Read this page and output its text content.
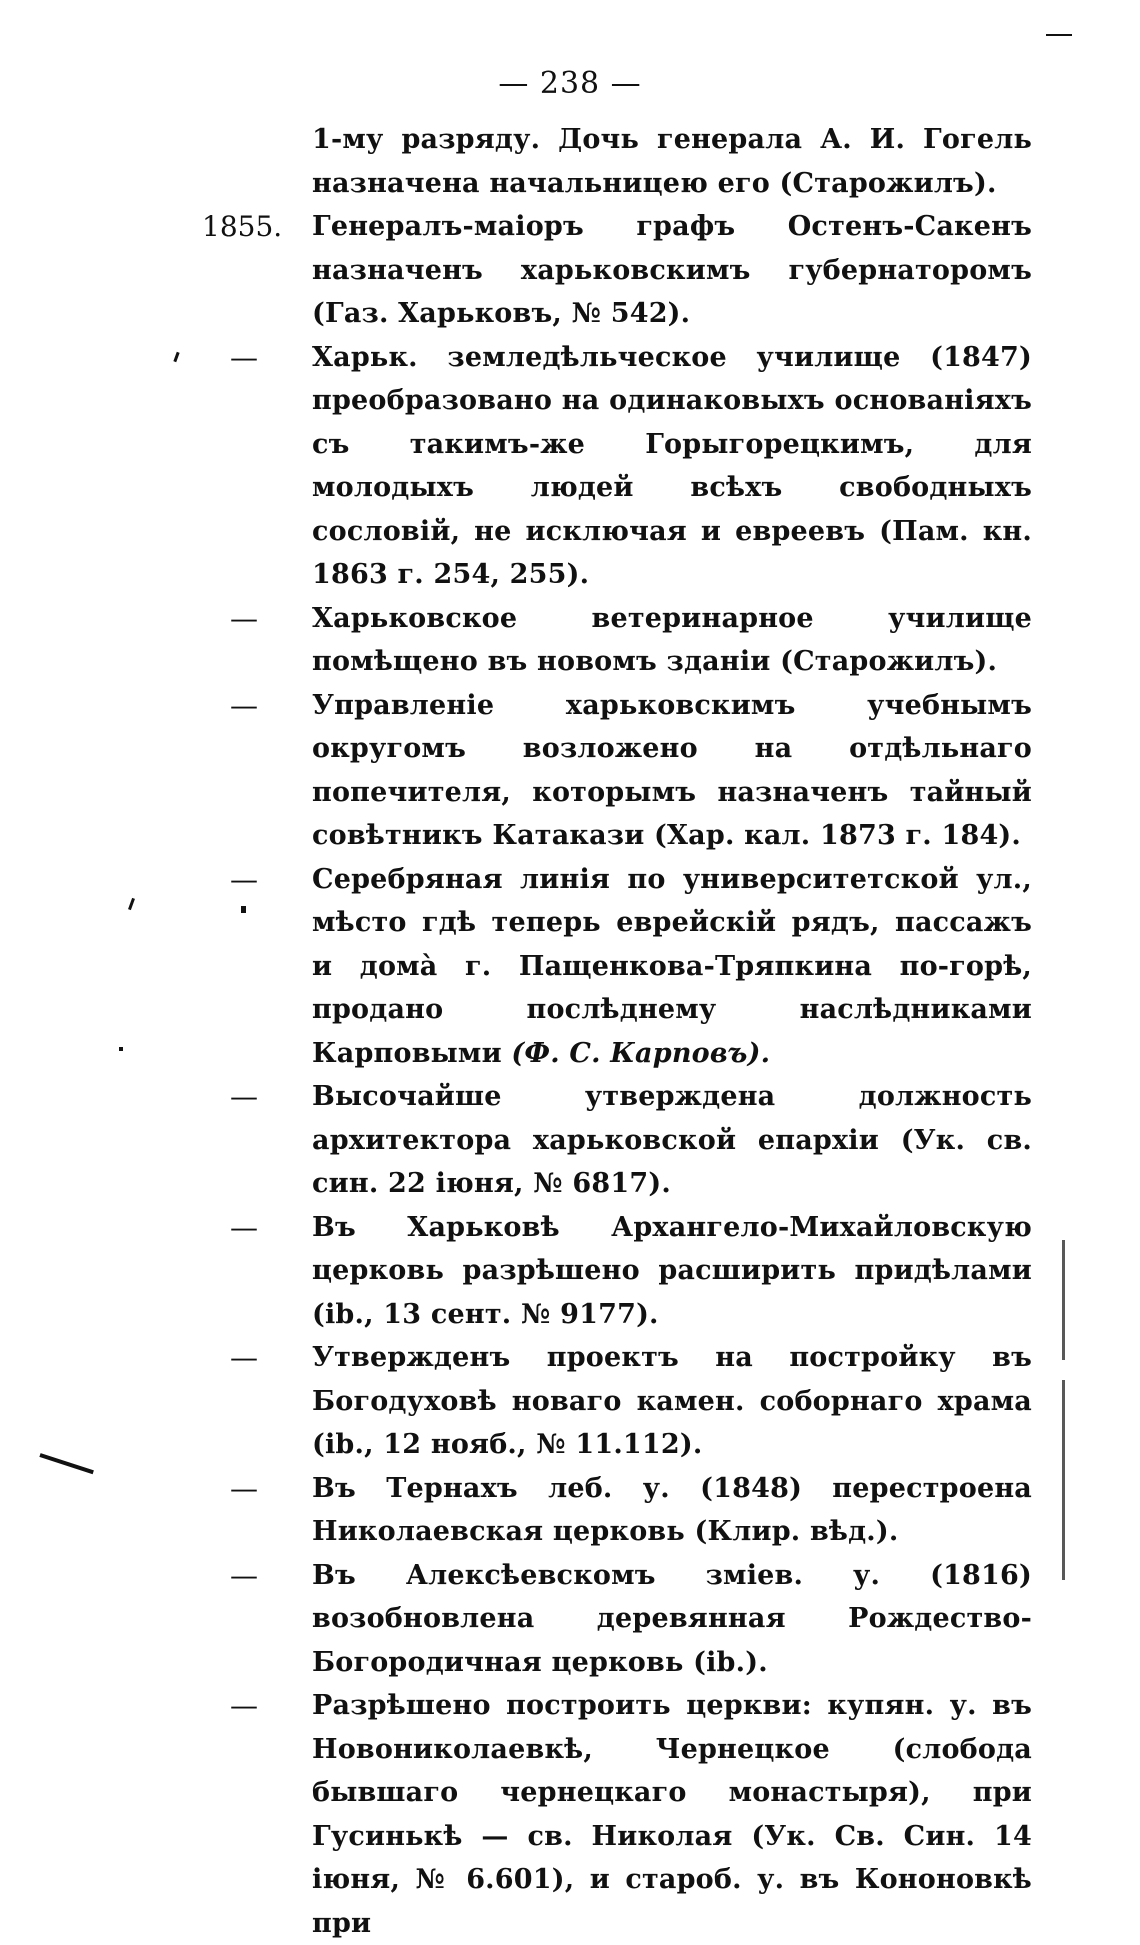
— 238 —
1-му разряду. Дочь генерала А. И. Гогель назначена начальницею его (Старожилъ).
1855.	Генералъ-маіоръ графъ Остенъ-Сакенъ назначенъ харьковскимъ губернаторомъ (Газ. Харьковъ, № 542).
—	Харьк. земледѣльческое училище (1847) преобразовано на одинаковыхъ основаніяхъ съ такимъ-же Горыгорецкимъ, для молодыхъ людей всѣхъ свободныхъ сословій, не исключая и евреевъ (Пам. кн. 1863 г. 254, 255).
—	Харьковское ветеринарное училище помѣщено въ новомъ зданіи (Старожилъ).
—	Управленіе харьковскимъ учебнымъ округомъ возложено на отдѣльнаго попечителя, которымъ назначенъ тайный совѣтникъ Катакази (Хар. кал. 1873 г. 184).
—	Серебряная линія по университетской ул., мѣсто гдѣ теперь еврейскій рядъ, пассажъ и домà г. Пащенкова-Тряпкина по-горѣ, продано послѣднему наслѣдниками Карповыми (Ф. С. Карповъ).
—	Высочайше утверждена должность архитектора харьковской епархіи (Ук. св. син. 22 іюня, № 6817).
—	Въ Харьковѣ Архангело-Михайловскую церковь разрѣшено расширить придѣлами (ib., 13 сент. № 9177).
—	Утвержденъ проектъ на постройку въ Богодуховѣ новаго камен. соборнаго храма (ib., 12 нояб., № 11.112).
—	Въ Тернахъ леб. у. (1848) перестроена Николаевская церковь (Клир. вѣд.).
—	Въ Алексѣевскомъ зміев. у. (1816) возобновлена деревянная Рождество-Богородичная церковь (ib.).
—	Разрѣшено построить церкви: купян. у. въ Новониколаевкѣ, Чернецкое (слобода бывшаго чернецкаго монастыря), при Гусинькѣ — св. Николая (Ук. Св. Син. 14 іюня, № 6.601), и староб. у. въ Кононовкѣ при
